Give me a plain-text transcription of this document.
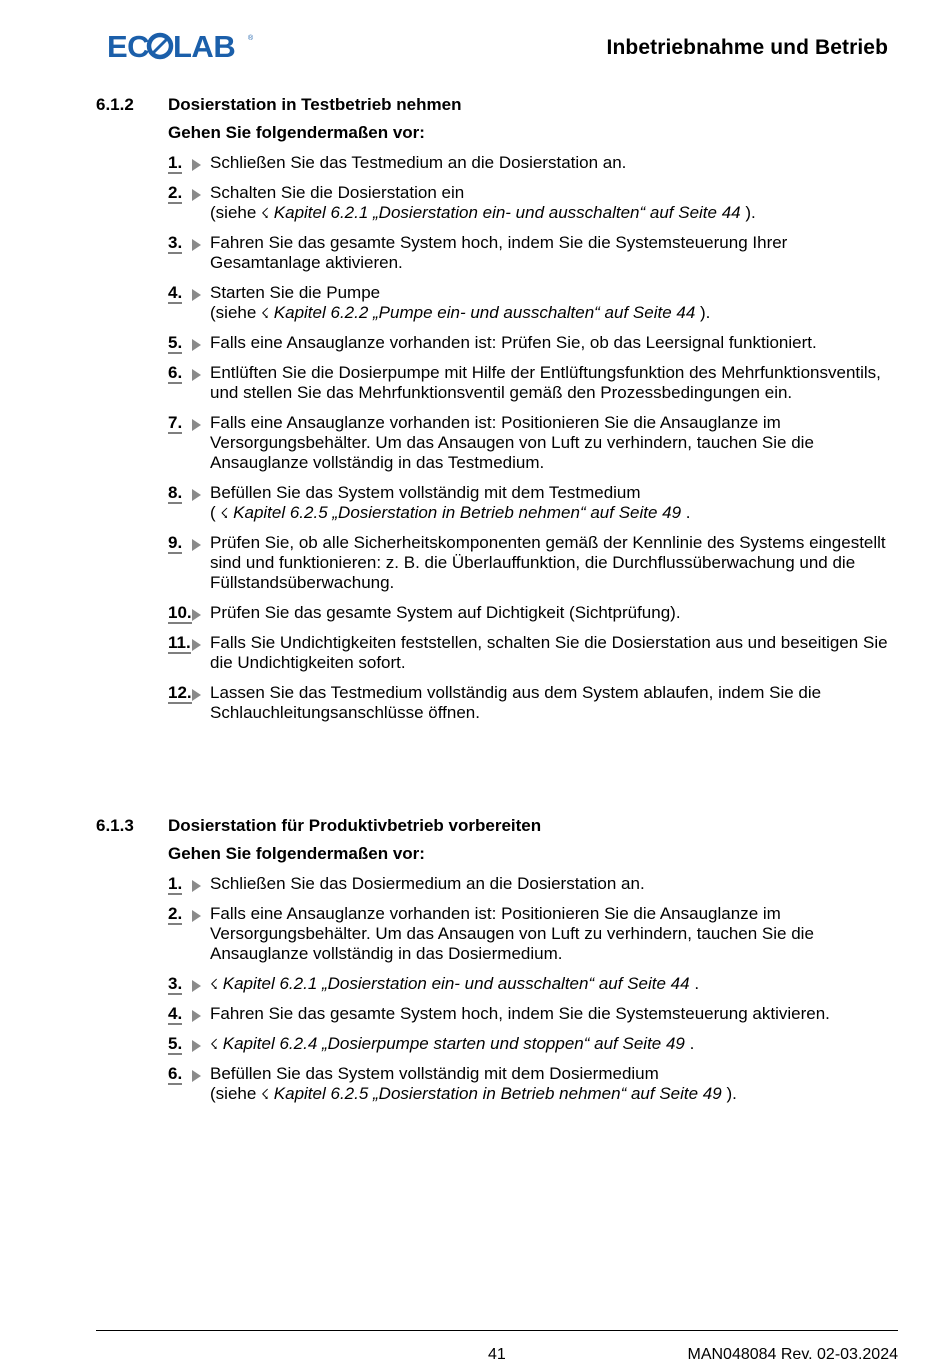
EC LAB ®	Inbetriebnahme und Betrieb
6.1.2	Dosierstation in Testbetrieb nehmen
Gehen Sie folgendermaßen vor:
1. Schließen Sie das Testmedium an die Dosierstation an.
2. Schalten Sie die Dosierstation ein
(siehe ☇ Kapitel 6.2.1 „Dosierstation ein- und ausschalten“ auf Seite 44 ).
3. Fahren Sie das gesamte System hoch, indem Sie die Systemsteuerung Ihrer Gesamtanlage aktivieren.
4. Starten Sie die Pumpe
(siehe ☇ Kapitel 6.2.2 „Pumpe ein- und ausschalten“ auf Seite 44 ).
5. Falls eine Ansauglanze vorhanden ist: Prüfen Sie, ob das Leersignal funktioniert.
6. Entlüften Sie die Dosierpumpe mit Hilfe der Entlüftungsfunktion des Mehrfunktionsventils, und stellen Sie das Mehrfunktionsventil gemäß den Prozessbedingungen ein.
7. Falls eine Ansauglanze vorhanden ist: Positionieren Sie die Ansauglanze im Versorgungsbehälter. Um das Ansaugen von Luft zu verhindern, tauchen Sie die Ansauglanze vollständig in das Testmedium.
8. Befüllen Sie das System vollständig mit dem Testmedium
( ☇ Kapitel 6.2.5 „Dosierstation in Betrieb nehmen“ auf Seite 49 .
9. Prüfen Sie, ob alle Sicherheitskomponenten gemäß der Kennlinie des Systems eingestellt sind und funktionieren: z. B. die Überlauffunktion, die Durchflussüberwachung und die Füllstandsüberwachung.
10. Prüfen Sie das gesamte System auf Dichtigkeit (Sichtprüfung).
11. Falls Sie Undichtigkeiten feststellen, schalten Sie die Dosierstation aus und beseitigen Sie die Undichtigkeiten sofort.
12. Lassen Sie das Testmedium vollständig aus dem System ablaufen, indem Sie die Schlauchleitungsanschlüsse öffnen.
6.1.3	Dosierstation für Produktivbetrieb vorbereiten
Gehen Sie folgendermaßen vor:
1. Schließen Sie das Dosiermedium an die Dosierstation an.
2. Falls eine Ansauglanze vorhanden ist: Positionieren Sie die Ansauglanze im Versorgungsbehälter. Um das Ansaugen von Luft zu verhindern, tauchen Sie die Ansauglanze vollständig in das Dosiermedium.
3. ☇ Kapitel 6.2.1 „Dosierstation ein- und ausschalten“ auf Seite 44 .
4. Fahren Sie das gesamte System hoch, indem Sie die Systemsteuerung aktivieren.
5. ☇ Kapitel 6.2.4 „Dosierpumpe starten und stoppen“ auf Seite 49 .
6. Befüllen Sie das System vollständig mit dem Dosiermedium
(siehe ☇ Kapitel 6.2.5 „Dosierstation in Betrieb nehmen“ auf Seite 49 ).
41	MAN048084 Rev. 02-03.2024
